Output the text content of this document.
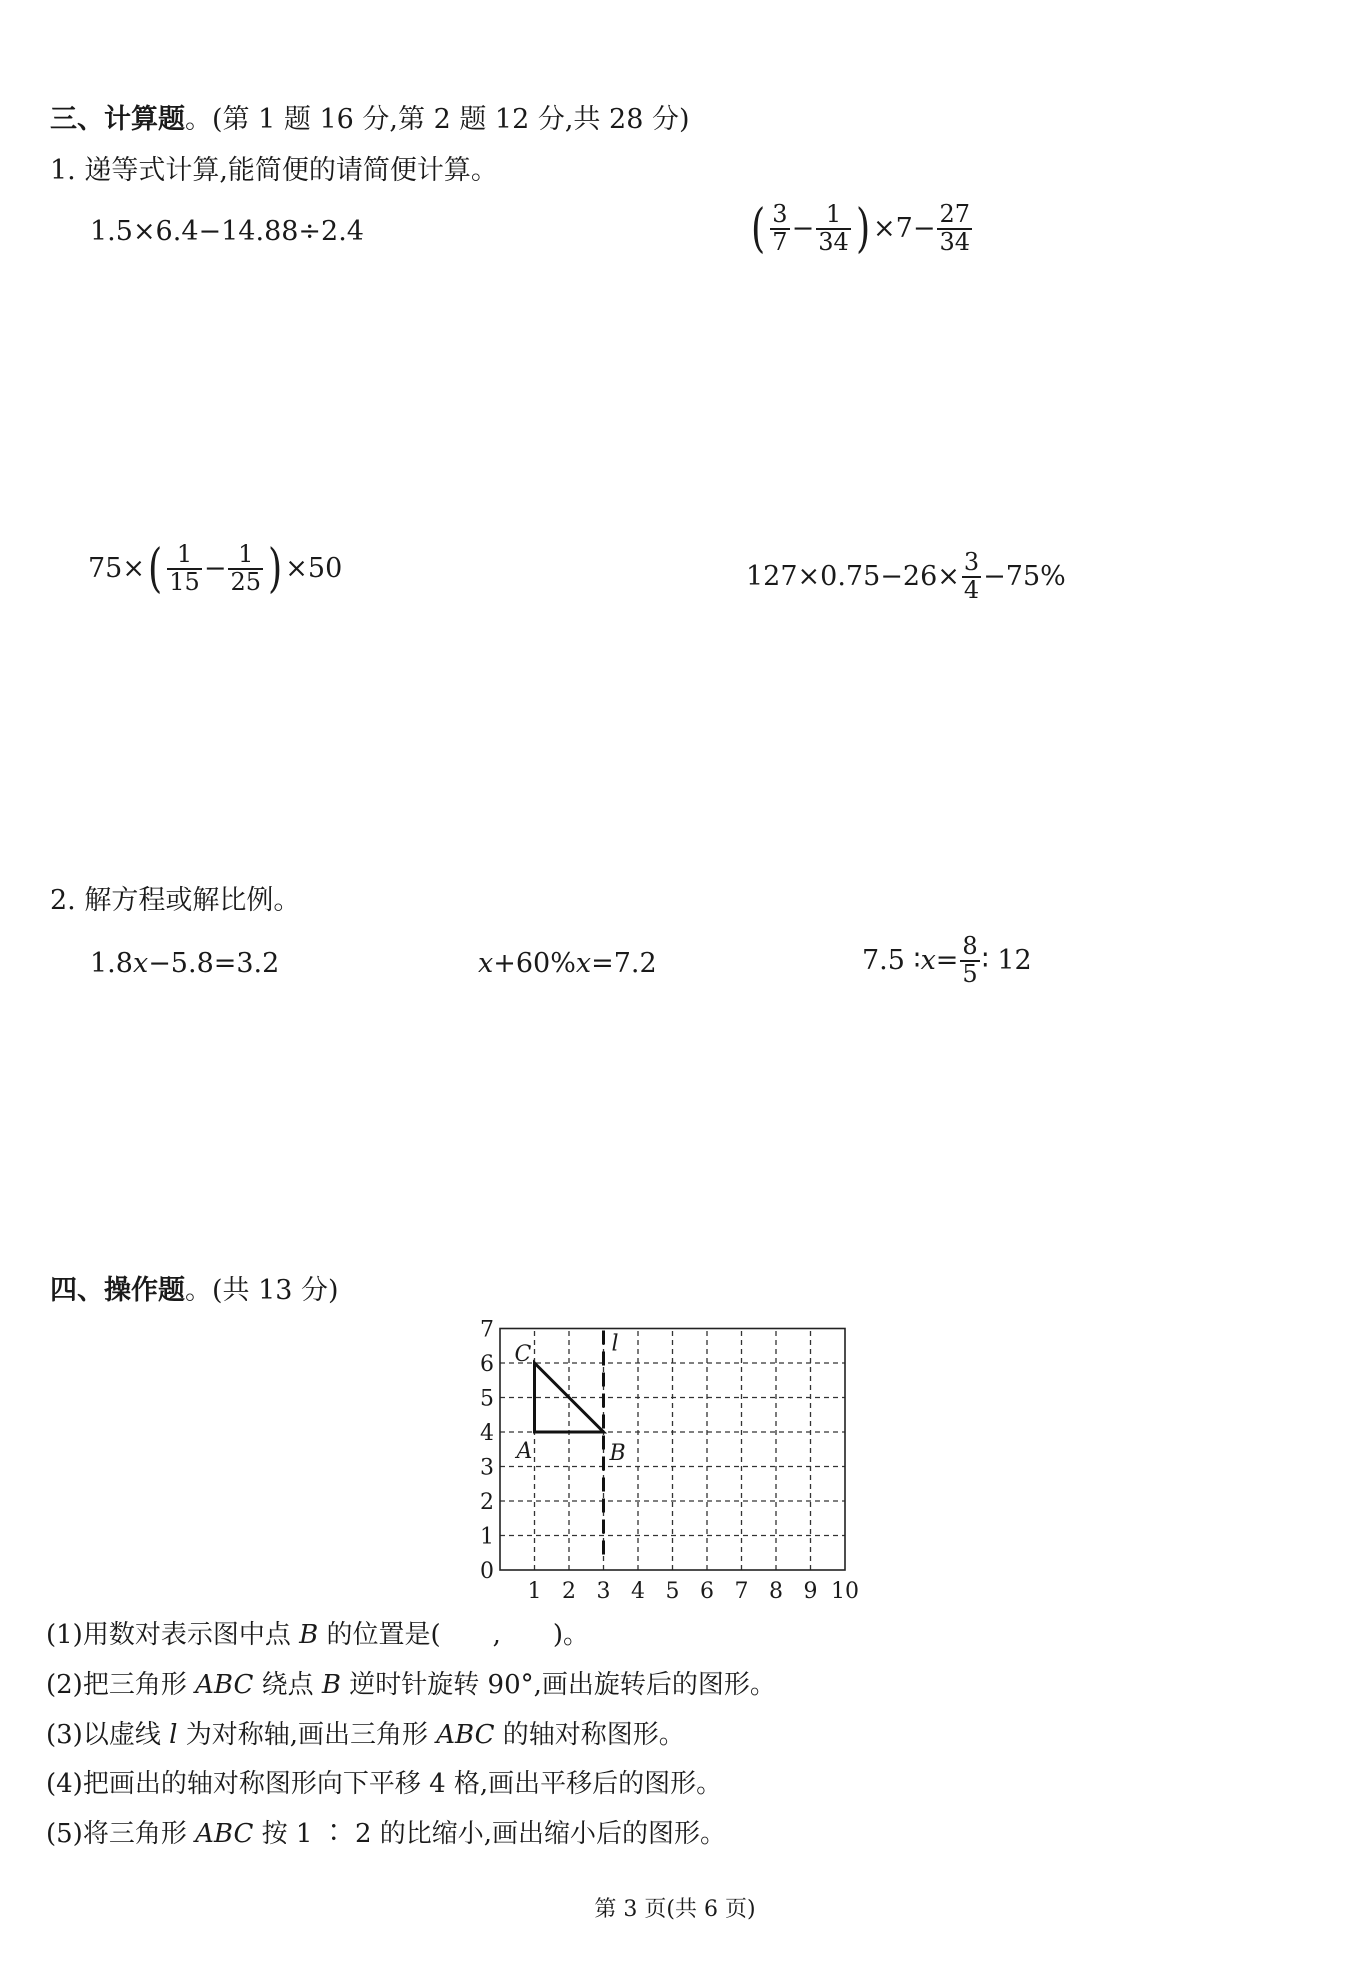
三、计算题。(第 1 题 16 分,第 2 题 12 分,共 28 分)
1. 递等式计算,能简便的请简便计算。
1.5×6.4−14.88÷2.4	( $\frac{3}{7} - \frac{1}{34}$ ) $\times 7- \frac{27}{34}$
75× ( $\frac{1}{15} - \frac{1}{25}$ ) ×50	$127\times 0.75-26\times \frac{3}{4} -75\%$
2. 解方程或解比例。
1.8 x −5.8=3.2	x +60% x =7.2	7.5 ∶ $x = \frac{8}{5}$ ∶ 12
四、操作题。(共 13 分)
1 2 3 4 5 6 7 8 9 10
0
1
2
3
4
5
6
7
A	B
C	l
(1)用数对表示图中点 B 的位置是(　　,　　)。
(2)把三角形 ABC 绕点 B 逆时针旋转 90°,画出旋转后的图形。
(3)以虚线 l 为对称轴,画出三角形 ABC 的轴对称图形。
(4)把画出的轴对称图形向下平移 4 格,画出平移后的图形。
(5)将三角形 ABC 按 1 ∶ 2 的比缩小,画出缩小后的图形。
第 3 页(共 6 页)
